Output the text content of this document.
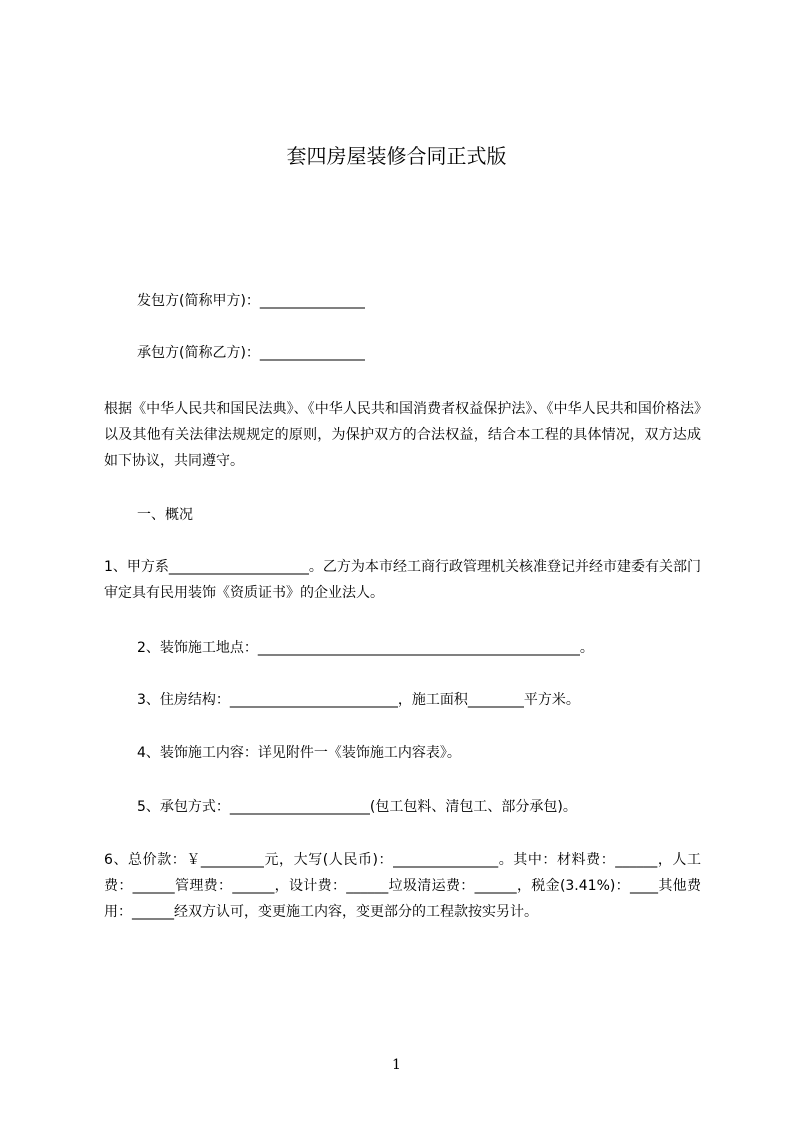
套四房屋装修合同正式版
发包方(简称甲方)：_______________
承包方(简称乙方)：_______________

根据《中华人民共和国民法典》、《中华人民共和国消费者权益保护法》、《中华人民共和国价格法》以及其他有关法律法规规定的原则，为保护双方的合法权益，结合本工程的具体情况，双方达成如下协议，共同遵守。

一、概况

1、甲方系____________________。乙方为本市经工商行政管理机关核准登记并经市建委有关部门审定具有民用装饰《资质证书》的企业法人。

2、装饰施工地点：______________________________________________。
3、住房结构：________________________，施工面积________平方米。
4、装饰施工内容：详见附件一《装饰施工内容表》。
5、承包方式：____________________(包工包料、清包工、部分承包)。

6、总价款：￥_________元，大写(人民币)：_______________。其中：材料费：______，人工费：______管理费：______，设计费：______垃圾清运费：______，税金(3.41%)：____其他费用：______经双方认可，变更施工内容，变更部分的工程款按实另计。

1
